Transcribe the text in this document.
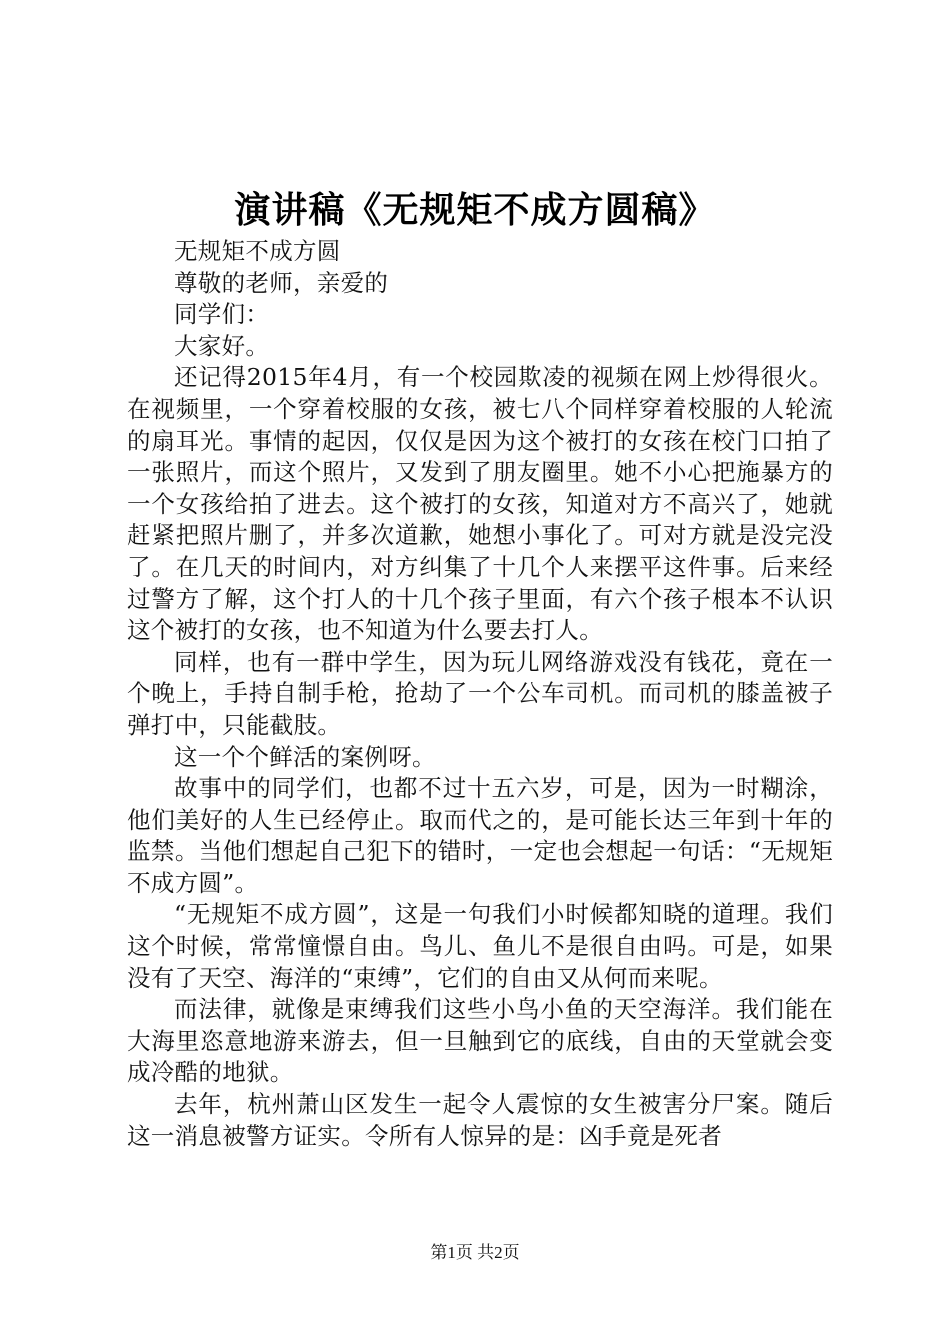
演讲稿《无规矩不成方圆稿》

无规矩不成方圆

尊敬的老师，亲爱的

同学们：

大家好。

还记得2015年4月，有一个校园欺凌的视频在网上炒得很火。在视频里，一个穿着校服的女孩，被七八个同样穿着校服的人轮流的扇耳光。事情的起因，仅仅是因为这个被打的女孩在校门口拍了一张照片，而这个照片，又发到了朋友圈里。她不小心把施暴方的一个女孩给拍了进去。这个被打的女孩，知道对方不高兴了，她就赶紧把照片删了，并多次道歉，她想小事化了。可对方就是没完没了。在几天的时间内，对方纠集了十几个人来摆平这件事。后来经过警方了解，这个打人的十几个孩子里面，有六个孩子根本不认识这个被打的女孩，也不知道为什么要去打人。

同样，也有一群中学生，因为玩儿网络游戏没有钱花，竟在一个晚上，手持自制手枪，抢劫了一个公车司机。而司机的膝盖被子弹打中，只能截肢。

这一个个鲜活的案例呀。

故事中的同学们，也都不过十五六岁，可是，因为一时糊涂，他们美好的人生已经停止。取而代之的，是可能长达三年到十年的监禁。当他们想起自己犯下的错时，一定也会想起一句话：“无规矩不成方圆”。

“无规矩不成方圆”，这是一句我们小时候都知晓的道理。我们这个时候，常常憧憬自由。鸟儿、鱼儿不是很自由吗。可是，如果没有了天空、海洋的“束缚”，它们的自由又从何而来呢。

而法律，就像是束缚我们这些小鸟小鱼的天空海洋。我们能在大海里恣意地游来游去，但一旦触到它的底线，自由的天堂就会变成冷酷的地狱。

去年，杭州萧山区发生一起令人震惊的女生被害分尸案。随后这一消息被警方证实。令所有人惊异的是：凶手竟是死者

第1页 共2页
